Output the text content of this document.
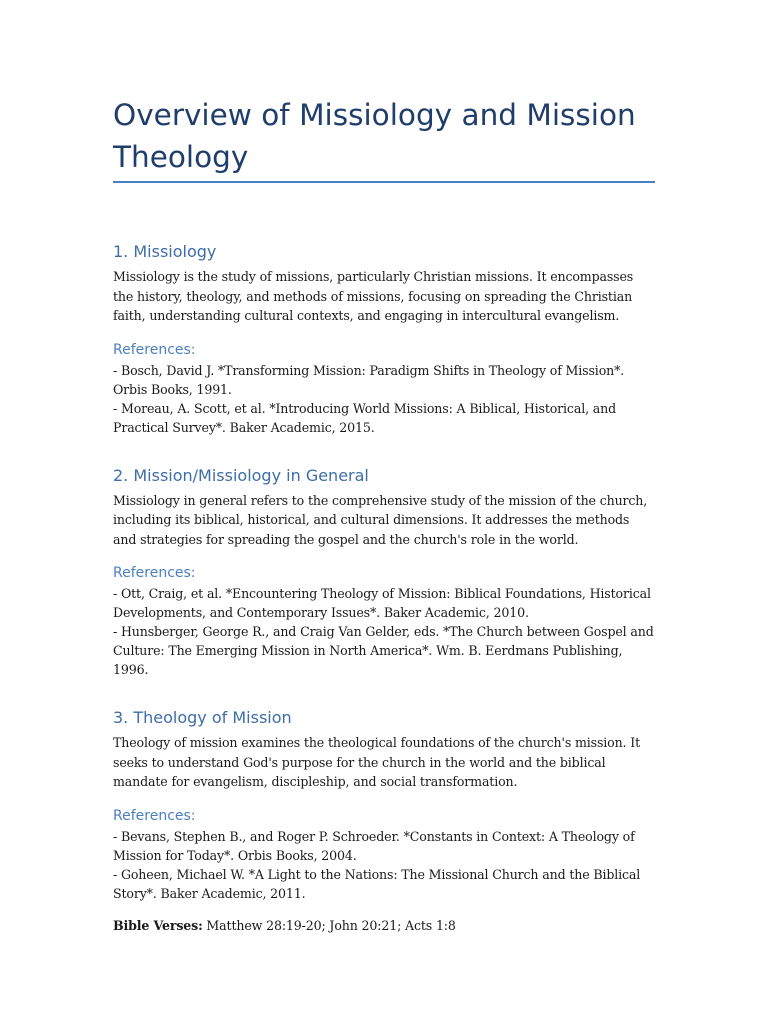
Overview of Missiology and Mission Theology
1. Missiology

Missiology is the study of missions, particularly Christian missions. It encompasses the history, theology, and methods of missions, focusing on spreading the Christian faith, understanding cultural contexts, and engaging in intercultural evangelism.

References:
- Bosch, David J. *Transforming Mission: Paradigm Shifts in Theology of Mission*. Orbis Books, 1991.
- Moreau, A. Scott, et al. *Introducing World Missions: A Biblical, Historical, and Practical Survey*. Baker Academic, 2015.
2. Mission/Missiology in General

Missiology in general refers to the comprehensive study of the mission of the church, including its biblical, historical, and cultural dimensions. It addresses the methods and strategies for spreading the gospel and the church's role in the world.

References:
- Ott, Craig, et al. *Encountering Theology of Mission: Biblical Foundations, Historical Developments, and Contemporary Issues*. Baker Academic, 2010.
- Hunsberger, George R., and Craig Van Gelder, eds. *The Church between Gospel and Culture: The Emerging Mission in North America*. Wm. B. Eerdmans Publishing, 1996.
3. Theology of Mission

Theology of mission examines the theological foundations of the church's mission. It seeks to understand God's purpose for the church in the world and the biblical mandate for evangelism, discipleship, and social transformation.

References:
- Bevans, Stephen B., and Roger P. Schroeder. *Constants in Context: A Theology of Mission for Today*. Orbis Books, 2004.
- Goheen, Michael W. *A Light to the Nations: The Missional Church and the Biblical Story*. Baker Academic, 2011.
Bible Verses: Matthew 28:19-20; John 20:21; Acts 1:8
